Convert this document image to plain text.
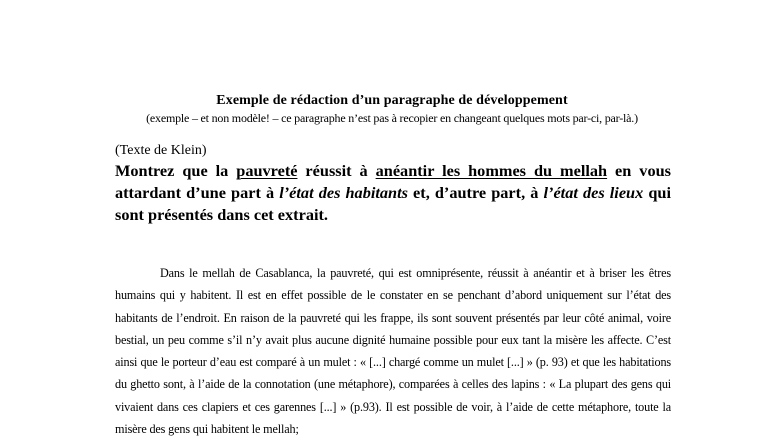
Exemple de rédaction d’un paragraphe de développement
(exemple – et non modèle! – ce paragraphe n’est pas à recopier en changeant quelques mots par-ci, par-là.)
(Texte de Klein)
Montrez que la pauvreté réussit à anéantir les hommes du mellah en vous attardant d’une part à l’état des habitants et, d’autre part, à l’état des lieux qui sont présentés dans cet extrait.
Dans le mellah de Casablanca, la pauvreté, qui est omniprésente, réussit à anéantir et à briser les êtres humains qui y habitent. Il est en effet possible de le constater en se penchant d’abord uniquement sur l’état des habitants de l’endroit. En raison de la pauvreté qui les frappe, ils sont souvent présentés par leur côté animal, voire bestial, un peu comme s’il n’y avait plus aucune dignité humaine possible pour eux tant la misère les affecte. C’est ainsi que le porteur d’eau est comparé à un mulet : « [...] chargé comme un mulet [...] » (p. 93) et que les habitations du ghetto sont, à l’aide de la connotation (une métaphore), comparées à celles des lapins : « La plupart des gens qui vivaient dans ces clapiers et ces garennes [...] » (p.93). Il est possible de voir, à l’aide de cette métaphore, toute la misère des gens qui habitent le mellah;
